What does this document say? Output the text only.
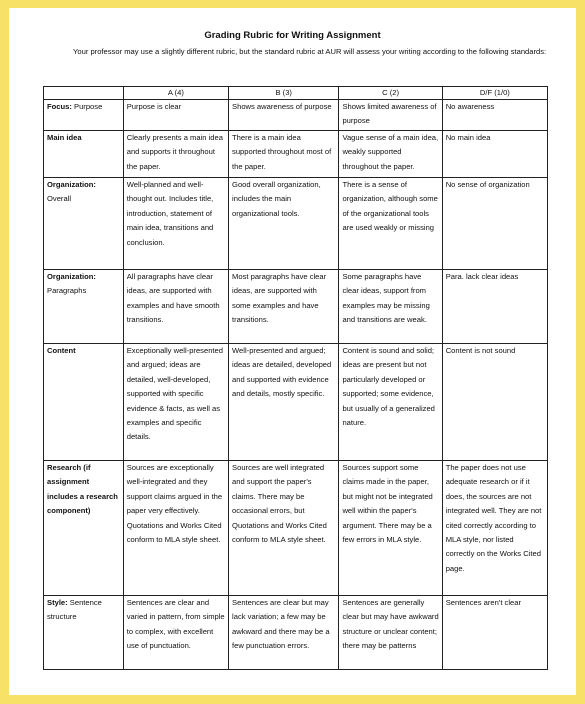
Grading Rubric for Writing Assignment
Your professor may use a slightly different rubric, but the standard rubric at AUR will assess your writing according to the following standards:
	A (4)	B (3)	C (2)	D/F (1/0)
Focus: Purpose	Purpose is clear	Shows awareness of purpose	Shows limited awareness of purpose	No awareness
Main idea	Clearly presents a main idea and supports it throughout the paper.	There is a main idea supported throughout most of the paper.	Vague sense of a main idea, weakly supported throughout the paper.	No main idea
Organization: Overall	Well-planned and well-thought out. Includes title, introduction, statement of main idea, transitions and conclusion.	Good overall organization, includes the main organizational tools.	There is a sense of organization, although some of the organizational tools are used weakly or missing	No sense of organization
Organization: Paragraphs	All paragraphs have clear ideas, are supported with examples and have smooth transitions.	Most paragraphs have clear ideas, are supported with some examples and have transitions.	Some paragraphs have clear ideas, support from examples may be missing and transitions are weak.	Para. lack clear ideas
Content	Exceptionally well-presented and argued; ideas are detailed, well-developed, supported with specific evidence & facts, as well as examples and specific details.	Well-presented and argued; ideas are detailed, developed and supported with evidence and details, mostly specific.	Content is sound and solid; ideas are present but not particularly developed or supported; some evidence, but usually of a generalized nature.	Content is not sound
Research (if assignment includes a research component)	Sources are exceptionally well-integrated and they support claims argued in the paper very effectively. Quotations and Works Cited conform to MLA style sheet.	Sources are well integrated and support the paper's claims. There may be occasional errors, but Quotations and Works Cited conform to MLA style sheet.	Sources support some claims made in the paper, but might not be integrated well within the paper's argument. There may be a few errors in MLA style.	The paper does not use adequate research or if it does, the sources are not integrated well. They are not cited correctly according to MLA style, nor listed correctly on the Works Cited page.
Style: Sentence structure	Sentences are clear and varied in pattern, from simple to complex, with excellent use of punctuation.	Sentences are clear but may lack variation; a few may be awkward and there may be a few punctuation errors.	Sentences are generally clear but may have awkward structure or unclear content; there may be patterns	Sentences aren't clear
